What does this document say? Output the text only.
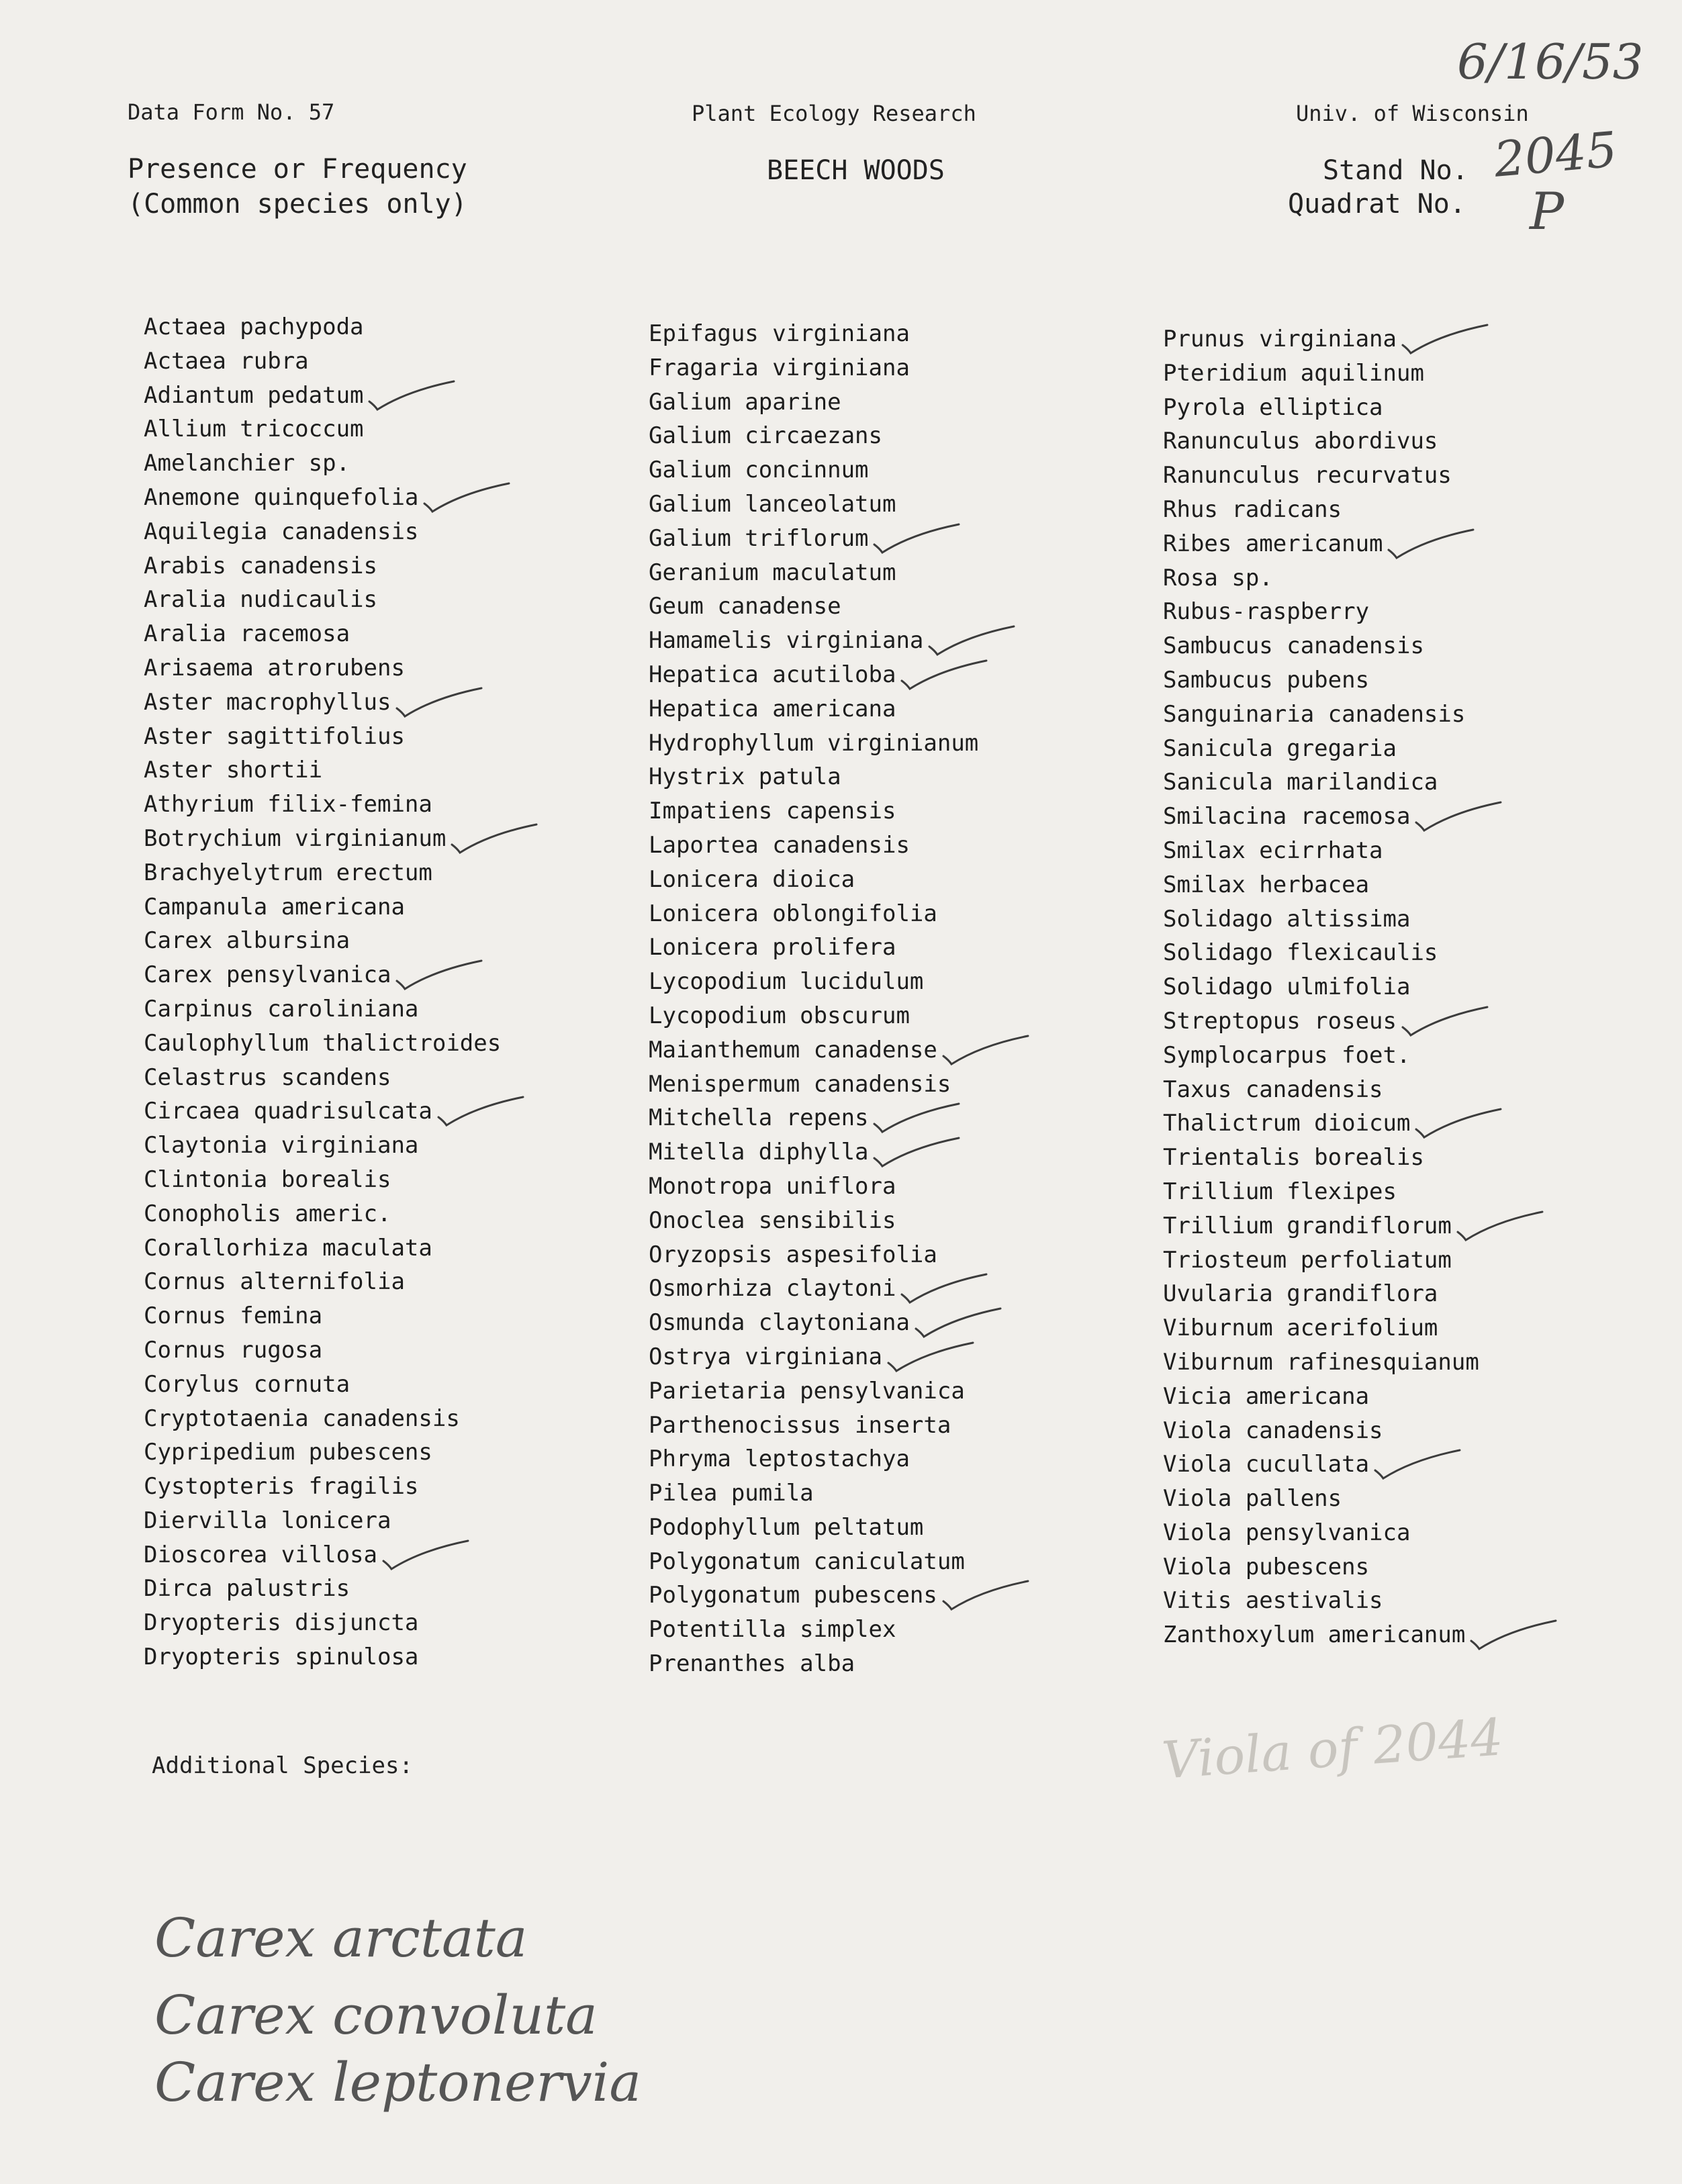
Data Form No. 57	Plant Ecology Research	Univ. of Wisconsin
Presence or Frequency
(Common species only)
BEECH WOODS	Stand No.
Quadrat No.
6/16/53
2045
P
Actaea pachypoda
Actaea rubra
Adiantum pedatum
Allium tricoccum
Amelanchier sp.
Anemone quinquefolia
Aquilegia canadensis
Arabis canadensis
Aralia nudicaulis
Aralia racemosa
Arisaema atrorubens
Aster macrophyllus
Aster sagittifolius
Aster shortii
Athyrium filix-femina
Botrychium virginianum
Brachyelytrum erectum
Campanula americana
Carex albursina
Carex pensylvanica
Carpinus caroliniana
Caulophyllum thalictroides
Celastrus scandens
Circaea quadrisulcata
Claytonia virginiana
Clintonia borealis
Conopholis americ.
Corallorhiza maculata
Cornus alternifolia
Cornus femina
Cornus rugosa
Corylus cornuta
Cryptotaenia canadensis
Cypripedium pubescens
Cystopteris fragilis
Diervilla lonicera
Dioscorea villosa
Dirca palustris
Dryopteris disjuncta
Dryopteris spinulosa
Epifagus virginiana
Fragaria virginiana
Galium aparine
Galium circaezans
Galium concinnum
Galium lanceolatum
Galium triflorum
Geranium maculatum
Geum canadense
Hamamelis virginiana
Hepatica acutiloba
Hepatica americana
Hydrophyllum virginianum
Hystrix patula
Impatiens capensis
Laportea canadensis
Lonicera dioica
Lonicera oblongifolia
Lonicera prolifera
Lycopodium lucidulum
Lycopodium obscurum
Maianthemum canadense
Menispermum canadensis
Mitchella repens
Mitella diphylla
Monotropa uniflora
Onoclea sensibilis
Oryzopsis aspesifolia
Osmorhiza claytoni
Osmunda claytoniana
Ostrya virginiana
Parietaria pensylvanica
Parthenocissus inserta
Phryma leptostachya
Pilea pumila
Podophyllum peltatum
Polygonatum caniculatum
Polygonatum pubescens
Potentilla simplex
Prenanthes alba
Prunus virginiana
Pteridium aquilinum
Pyrola elliptica
Ranunculus abordivus
Ranunculus recurvatus
Rhus radicans
Ribes americanum
Rosa sp.
Rubus-raspberry
Sambucus canadensis
Sambucus pubens
Sanguinaria canadensis
Sanicula gregaria
Sanicula marilandica
Smilacina racemosa
Smilax ecirrhata
Smilax herbacea
Solidago altissima
Solidago flexicaulis
Solidago ulmifolia
Streptopus roseus
Symplocarpus foet.
Taxus canadensis
Thalictrum dioicum
Trientalis borealis
Trillium flexipes
Trillium grandiflorum
Triosteum perfoliatum
Uvularia grandiflora
Viburnum acerifolium
Viburnum rafinesquianum
Vicia americana
Viola canadensis
Viola cucullata
Viola pallens
Viola pensylvanica
Viola pubescens
Vitis aestivalis
Zanthoxylum americanum
Additional Species:
Carex arctata
Carex convoluta
Carex leptonervia
Viola of 2044
